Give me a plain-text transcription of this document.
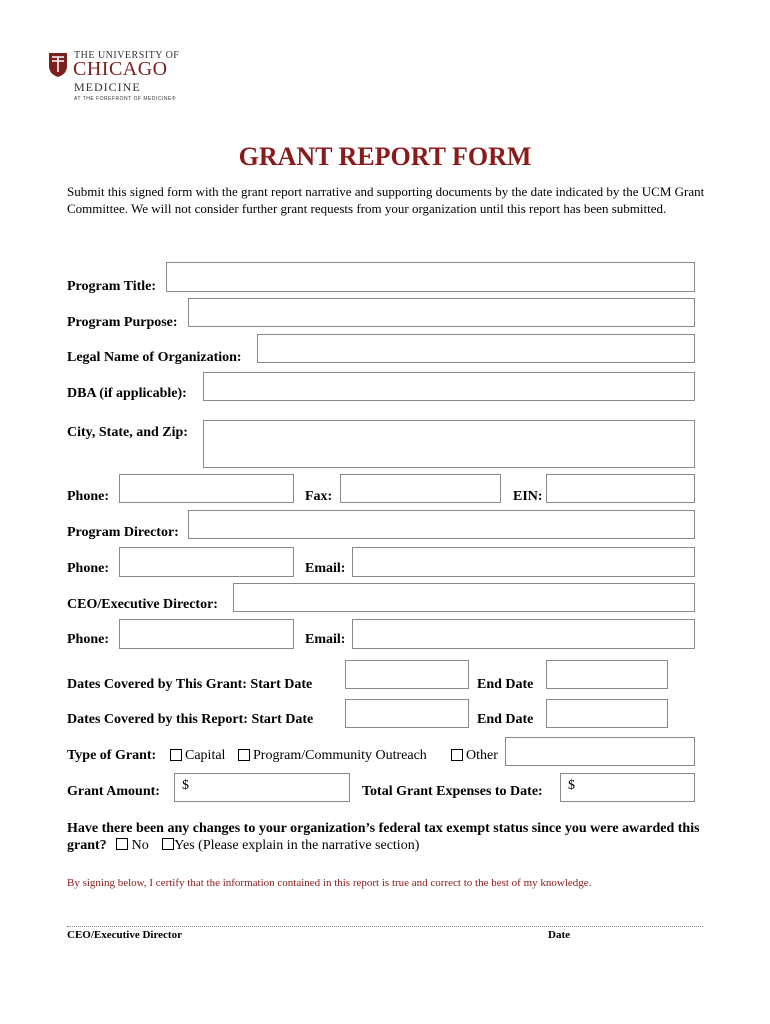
THE UNIVERSITY OF
CHICAGO
MEDICINE
AT THE FOREFRONT OF MEDICINE®
GRANT REPORT FORM
Submit this signed form with the grant report narrative and supporting documents by the date indicated by the UCM Grant Committee. We will not consider further grant requests from your organization until this report has been submitted.
Program Title:
Program Purpose:
Legal Name of Organization:
DBA (if applicable):
City, State, and Zip:
Phone:	Fax:	EIN:
Program Director:
Phone:	Email:
CEO/Executive Director:
Phone:	Email:
Dates Covered by This Grant: Start Date	End Date
Dates Covered by this Report: Start Date	End Date
Type of Grant: Capital Program/Community Outreach	Other
Grant Amount:	$	Total Grant Expenses to Date:	$
Have there been any changes to your organization’s federal tax exempt status since you were awarded this grant? No Yes (Please explain in the narrative section)
By signing below, I certify that the information contained in this report is true and correct to the best of my knowledge.
CEO/Executive Director	Date
